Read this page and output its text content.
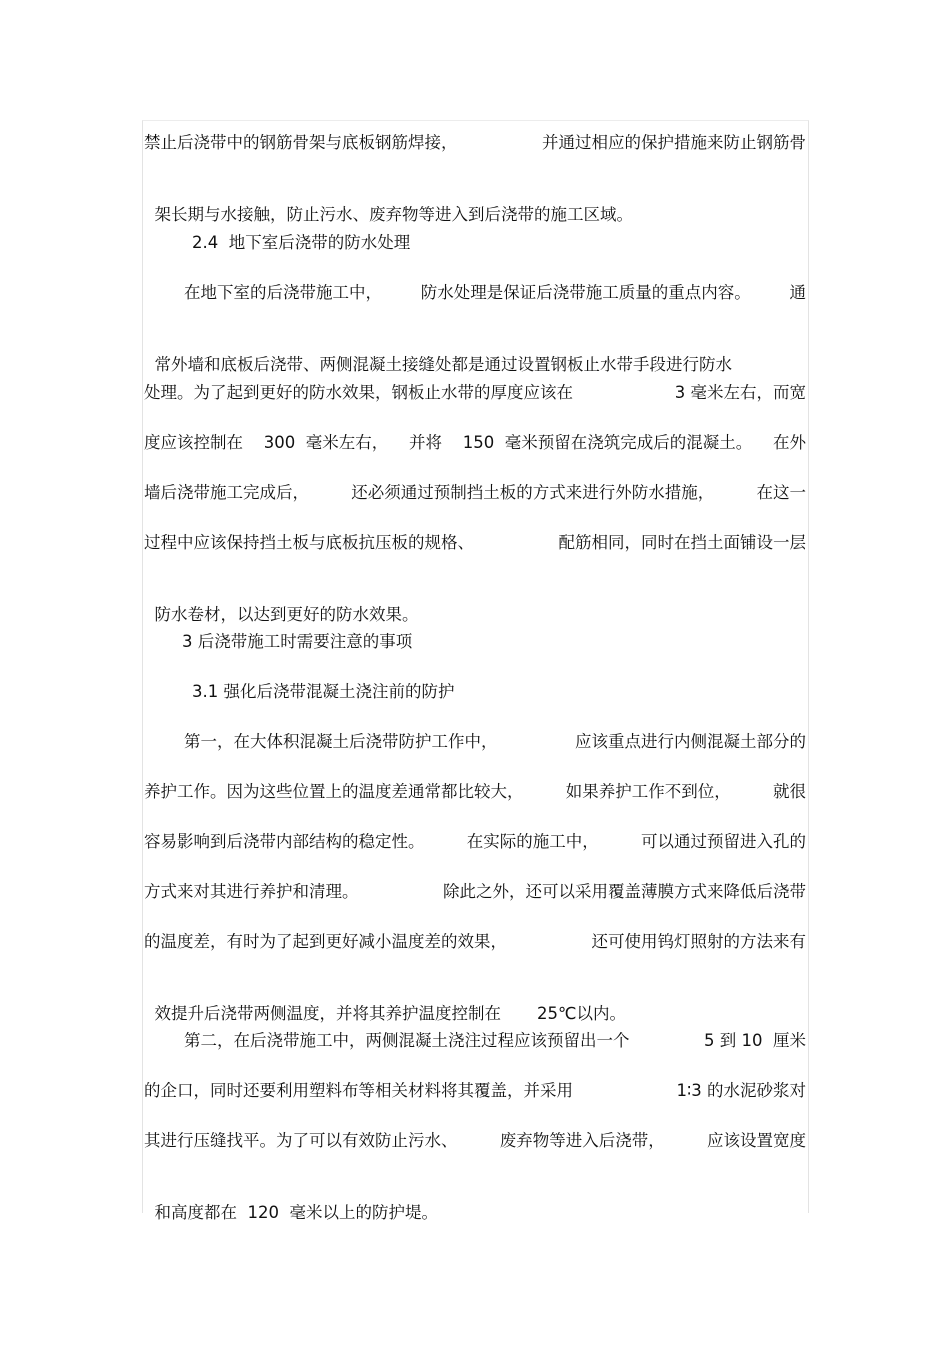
禁止后浇带中的钢筋骨架与底板钢筋焊接，	并通过相应的保护措施来防止钢筋骨

架长期与水接触，防止污水、废弃物等进入到后浇带的施工区域。

2.4  地下室后浇带的防水处理
在地下室的后浇带施工中， 防水处理是保证后浇带施工质量的重点内容。 通

常外墙和底板后浇带、两侧混凝土接缝处都是通过设置钢板止水带手段进行防水

处理。为了起到更好的防水效果，钢板止水带的厚度应该在	3 毫米左右，而宽
度应该控制在 300  毫米左右， 并将 150  毫米预留在浇筑完成后的混凝土。 在外
墙后浇带施工完成后，	还必须通过预制挡土板的方式来进行外防水措施，	在这一
过程中应该保持挡土板与底板抗压板的规格、	配筋相同，同时在挡土面铺设一层

防水卷材，以达到更好的防水效果。

3 后浇带施工时需要注意的事项
3.1 强化后浇带混凝土浇注前的防护
第一，在大体积混凝土后浇带防护工作中，	应该重点进行内侧混凝土部分的
养护工作。因为这些位置上的温度差通常都比较大，	如果养护工作不到位，	就很
容易影响到后浇带内部结构的稳定性。	在实际的施工中，	可以通过预留进入孔的
方式来对其进行养护和清理。	除此之外，还可以采用覆盖薄膜方式来降低后浇带
的温度差，有时为了起到更好减小温度差的效果，	还可使用钨灯照射的方法来有

效提升后浇带两侧温度，并将其养护温度控制在 25℃以内。

第二，在后浇带施工中，两侧混凝土浇注过程应该预留出一个	5 到 10  厘米
的企口，同时还要利用塑料布等相关材料将其覆盖，并采用	1∶3 的水泥砂浆对
其进行压缝找平。为了可以有效防止污水、	废弃物等进入后浇带，	应该设置宽度

和高度都在  120  毫米以上的防护堤。
